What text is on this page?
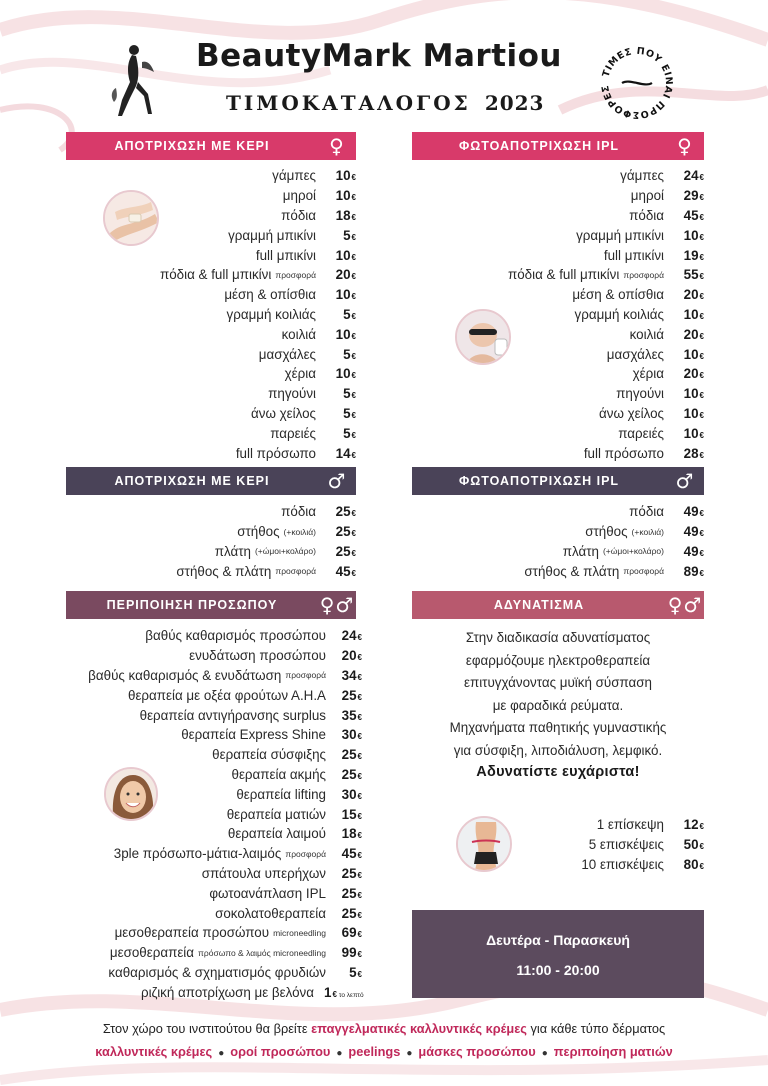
BeautyMark Martiou
ΤΙΜΟΚΑΤΑΛΟΓΟΣ 2023
ΤΙΜΕΣ ΠΟΥ ΕΙΝΑΙ ΠΡΟΣΦΟΡΕΣ
ΑΠΟΤΡΙΧΩΣΗ ΜΕ ΚΕΡΙ	♀
γάμπες	10€
μηροί	10€
πόδια	18€
γραμμή μπικίνι	5€
full μπικίνι	10€
πόδια & full μπικίνι προσφορά	20€
μέση & οπίσθια	10€
γραμμή κοιλιάς	5€
κοιλιά	10€
μασχάλες	5€
χέρια	10€
πηγούνι	5€
άνω χείλος	5€
παρειές	5€
full πρόσωπο	14€
ΦΩΤΟΑΠΟΤΡΙΧΩΣΗ IPL	♀
γάμπες	24€
μηροί	29€
πόδια	45€
γραμμή μπικίνι	10€
full μπικίνι	19€
πόδια & full μπικίνι προσφορά	55€
μέση & οπίσθια	20€
γραμμή κοιλιάς	10€
κοιλιά	20€
μασχάλες	10€
χέρια	20€
πηγούνι	10€
άνω χείλος	10€
παρειές	10€
full πρόσωπο	28€
ΑΠΟΤΡΙΧΩΣΗ ΜΕ ΚΕΡΙ	♂
πόδια	25€
στήθος (+κοιλιά)	25€
πλάτη (+ώμοι+κολάρο)	25€
στήθος & πλάτη προσφορά	45€
ΦΩΤΟΑΠΟΤΡΙΧΩΣΗ IPL	♂
πόδια	49€
στήθος (+κοιλιά)	49€
πλάτη (+ώμοι+κολάρο)	49€
στήθος & πλάτη προσφορά	89€
ΠΕΡΙΠΟΙΗΣΗ ΠΡΟΣΩΠΟΥ	♀♂
βαθύς καθαρισμός προσώπου	24€
ενυδάτωση προσώπου	20€
βαθύς καθαρισμός & ενυδάτωση προσφορά	34€
θεραπεία με οξέα φρούτων Α.Η.Α	25€
θεραπεία αντιγήρανσης surplus	35€
θεραπεία Express Shine	30€
θεραπεία σύσφιξης	25€
θεραπεία ακμής	25€
θεραπεία lifting	30€
θεραπεία ματιών	15€
θεραπεία λαιμού	18€
3ple πρόσωπο-μάτια-λαιμός προσφορά	45€
σπάτουλα υπερήχων	25€
φωτοανάπλαση IPL	25€
σοκολατοθεραπεία	25€
μεσοθεραπεία προσώπου microneedling	69€
μεσοθεραπεία πρόσωπο & λαιμός microneedling	99€
καθαρισμός & σχηματισμός φρυδιών	5€
ριζική αποτρίχωση με βελόνα 1€ το λεπτό
ΑΔΥΝΑΤΙΣΜΑ	♀♂
Στην διαδικασία αδυνατίσματος
εφαρμόζουμε ηλεκτροθεραπεία
επιτυγχάνοντας μυϊκή σύσπαση
με φαραδικά ρεύματα.
Μηχανήματα παθητικής γυμναστικής
για σύσφιξη, λιποδιάλυση, λεμφικό.
Αδυνατίστε ευχάριστα!
1 επίσκεψη	12€
5 επισκέψεις	50€
10 επισκέψεις	80€
Δευτέρα - Παρασκευή
11:00 - 20:00
Στον χώρο του ινστιτούτου θα βρείτε επαγγελματικές καλλυντικές κρέμες για κάθε τύπο δέρματος
καλλυντικές κρέμες ● οροί προσώπου ● peelings ● μάσκες προσώπου ● περιποίηση ματιών
